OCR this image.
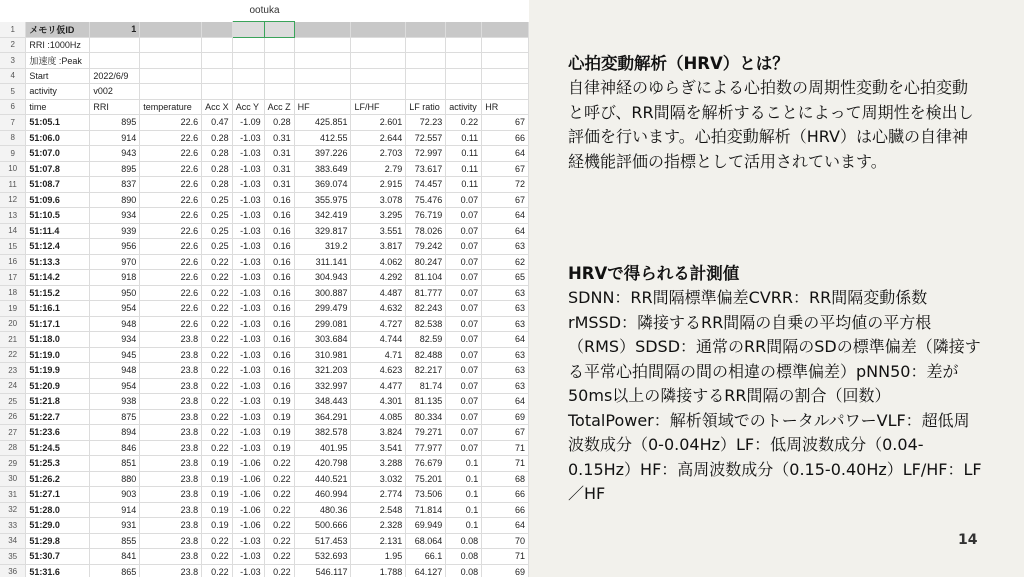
ootuka
1	メモリ仮ID	1									
2	RRI :1000Hz										
3	加速度 :Peak										
4	Start	2022/6/9									
5	activity	v002									
6	time	RRI	temperature	Acc X	Acc Y	Acc Z	HF	LF/HF	LF ratio	activity	HR
7	51:05.1	895	22.6	0.47	-1.09	0.28	425.851	2.601	72.23	0.22	67
8	51:06.0	914	22.6	0.28	-1.03	0.31	412.55	2.644	72.557	0.11	66
9	51:07.0	943	22.6	0.28	-1.03	0.31	397.226	2.703	72.997	0.11	64
10	51:07.8	895	22.6	0.28	-1.03	0.31	383.649	2.79	73.617	0.11	67
11	51:08.7	837	22.6	0.28	-1.03	0.31	369.074	2.915	74.457	0.11	72
12	51:09.6	890	22.6	0.25	-1.03	0.16	355.975	3.078	75.476	0.07	67
13	51:10.5	934	22.6	0.25	-1.03	0.16	342.419	3.295	76.719	0.07	64
14	51:11.4	939	22.6	0.25	-1.03	0.16	329.817	3.551	78.026	0.07	64
15	51:12.4	956	22.6	0.25	-1.03	0.16	319.2	3.817	79.242	0.07	63
16	51:13.3	970	22.6	0.22	-1.03	0.16	311.141	4.062	80.247	0.07	62
17	51:14.2	918	22.6	0.22	-1.03	0.16	304.943	4.292	81.104	0.07	65
18	51:15.2	950	22.6	0.22	-1.03	0.16	300.887	4.487	81.777	0.07	63
19	51:16.1	954	22.6	0.22	-1.03	0.16	299.479	4.632	82.243	0.07	63
20	51:17.1	948	22.6	0.22	-1.03	0.16	299.081	4.727	82.538	0.07	63
21	51:18.0	934	23.8	0.22	-1.03	0.16	303.684	4.744	82.59	0.07	64
22	51:19.0	945	23.8	0.22	-1.03	0.16	310.981	4.71	82.488	0.07	63
23	51:19.9	948	23.8	0.22	-1.03	0.16	321.203	4.623	82.217	0.07	63
24	51:20.9	954	23.8	0.22	-1.03	0.16	332.997	4.477	81.74	0.07	63
25	51:21.8	938	23.8	0.22	-1.03	0.19	348.443	4.301	81.135	0.07	64
26	51:22.7	875	23.8	0.22	-1.03	0.19	364.291	4.085	80.334	0.07	69
27	51:23.6	894	23.8	0.22	-1.03	0.19	382.578	3.824	79.271	0.07	67
28	51:24.5	846	23.8	0.22	-1.03	0.19	401.95	3.541	77.977	0.07	71
29	51:25.3	851	23.8	0.19	-1.06	0.22	420.798	3.288	76.679	0.1	71
30	51:26.2	880	23.8	0.19	-1.06	0.22	440.521	3.032	75.201	0.1	68
31	51:27.1	903	23.8	0.19	-1.06	0.22	460.994	2.774	73.506	0.1	66
32	51:28.0	914	23.8	0.19	-1.06	0.22	480.36	2.548	71.814	0.1	66
33	51:29.0	931	23.8	0.19	-1.06	0.22	500.666	2.328	69.949	0.1	64
34	51:29.8	855	23.8	0.22	-1.03	0.22	517.453	2.131	68.064	0.08	70
35	51:30.7	841	23.8	0.22	-1.03	0.22	532.693	1.95	66.1	0.08	71
36	51:31.6	865	23.8	0.22	-1.03	0.22	546.117	1.788	64.127	0.08	69

心拍変動解析（HRV）とは？

自律神経のゆらぎによる心拍数の周期性変動を心拍変動と呼び、RR間隔を解析することによって周期性を検出し評価を行います。心拍変動解析（HRV）は心臓の自律神経機能評価の指標として活用されています。

HRVで得られる計測値

SDNN：RR間隔標準偏差CVRR：RR間隔変動係数rMSSD：隣接するRR間隔の自乗の平均値の平方根（RMS）SDSD：通常のRR間隔のSDの標準偏差（隣接する平常心拍間隔の間の相違の標準偏差）pNN50：差が50ms以上の隣接するRR間隔の割合（回数）TotalPower：解析領域でのトータルパワーVLF：超低周波数成分（0-0.04Hz）LF：低周波数成分（0.04-0.15Hz）HF：高周波数成分（0.15-0.40Hz）LF/HF：LF／HF

14
